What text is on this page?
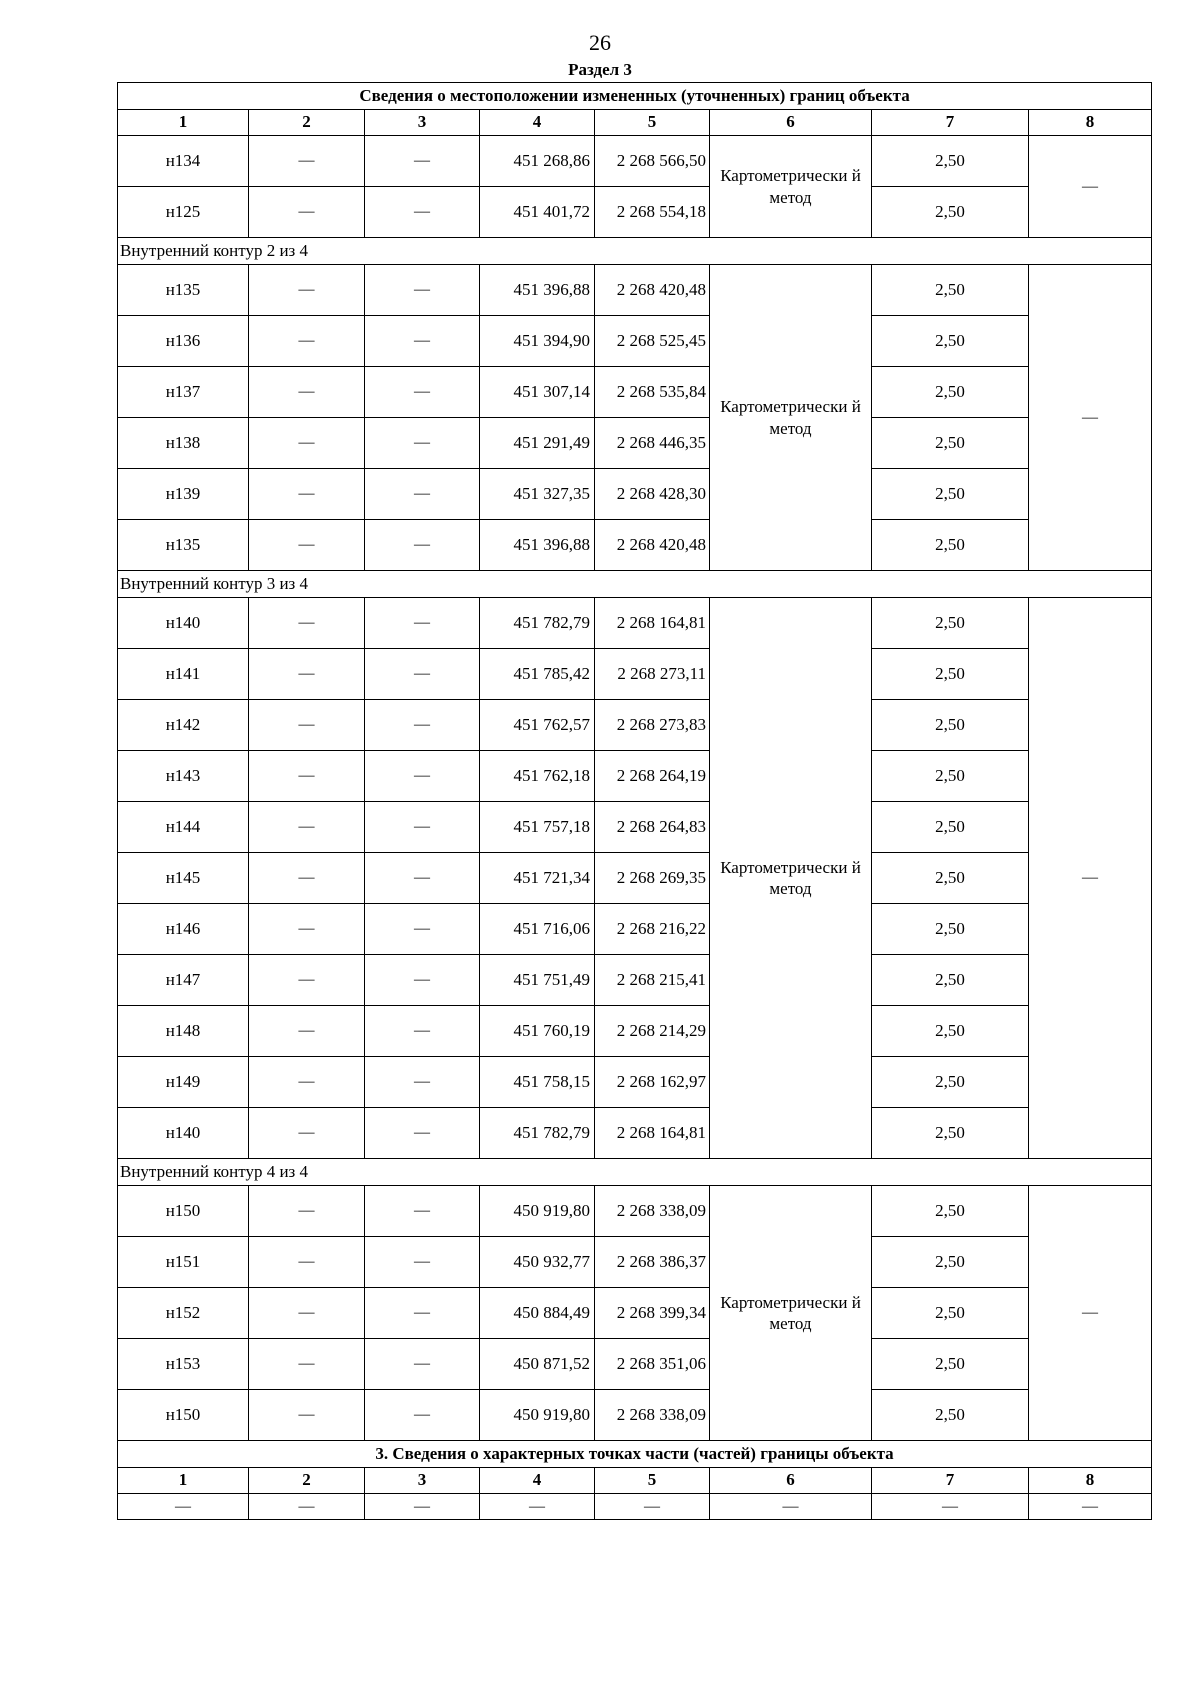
26
Раздел 3
Сведения о местоположении измененных (уточненных) границ объекта							
1	2	3	4	5	6	7	8
н134	—	—	451 268,86	2 268 566,50	Картометрически й метод	2,50	—
н125	—	—	451 401,72	2 268 554,18		2,50	
Внутренний контур 2 из 4							
н135	—	—	451 396,88	2 268 420,48	Картометрически й метод	2,50	—
н136	—	—	451 394,90	2 268 525,45		2,50	
н137	—	—	451 307,14	2 268 535,84		2,50	
н138	—	—	451 291,49	2 268 446,35		2,50	
н139	—	—	451 327,35	2 268 428,30		2,50	
н135	—	—	451 396,88	2 268 420,48		2,50	
Внутренний контур 3 из 4							
н140	—	—	451 782,79	2 268 164,81	Картометрически й метод	2,50	—
н141	—	—	451 785,42	2 268 273,11		2,50	
н142	—	—	451 762,57	2 268 273,83		2,50	
н143	—	—	451 762,18	2 268 264,19		2,50	
н144	—	—	451 757,18	2 268 264,83		2,50	
н145	—	—	451 721,34	2 268 269,35		2,50	
н146	—	—	451 716,06	2 268 216,22		2,50	
н147	—	—	451 751,49	2 268 215,41		2,50	
н148	—	—	451 760,19	2 268 214,29		2,50	
н149	—	—	451 758,15	2 268 162,97		2,50	
н140	—	—	451 782,79	2 268 164,81		2,50	
Внутренний контур 4 из 4							
н150	—	—	450 919,80	2 268 338,09	Картометрически й метод	2,50	—
н151	—	—	450 932,77	2 268 386,37		2,50	
н152	—	—	450 884,49	2 268 399,34		2,50	
н153	—	—	450 871,52	2 268 351,06		2,50	
н150	—	—	450 919,80	2 268 338,09		2,50	
3. Сведения о характерных точках части (частей) границы объекта							
1	2	3	4	5	6	7	8
—	—	—	—	—	—	—	—
